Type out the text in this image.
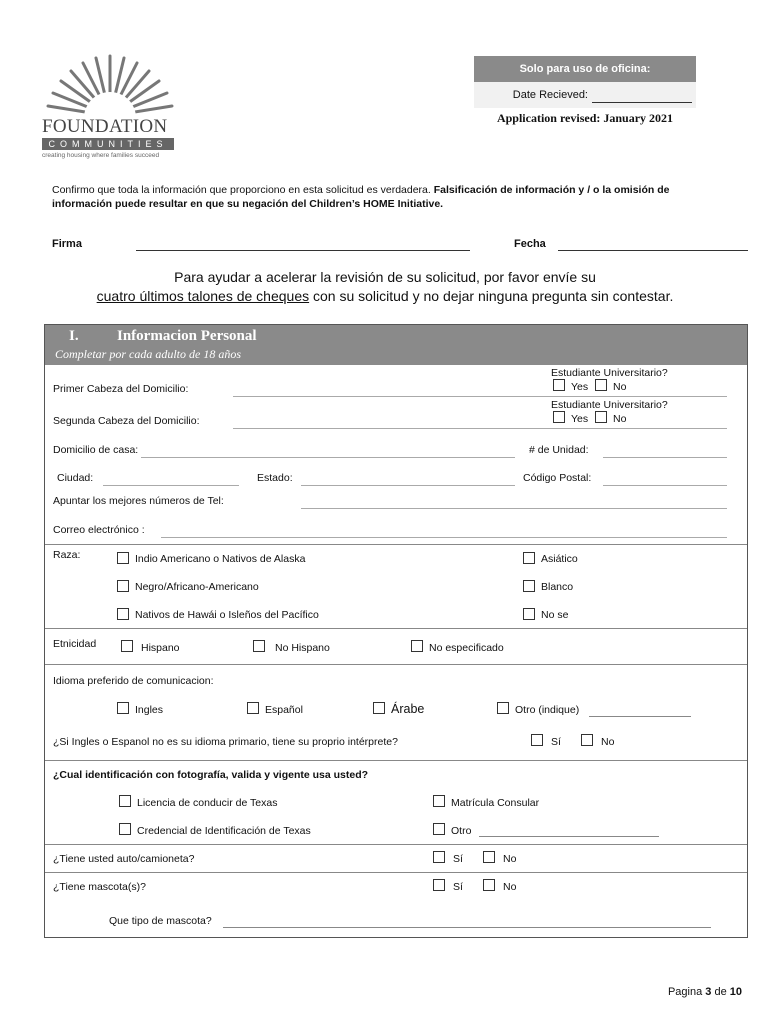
FOUNDATION
COMMUNITIES
creating housing where families succeed
Solo para uso de oficina:
Date Recieved:
Application revised: January 2021
Confirmo que toda la información que proporciono en esta solicitud es verdadera. Falsificación de información y / o la omisión de información puede resultar en que su negación del Children’s HOME Initiative.
Firma	Fecha
Para ayudar a acelerar la revisión de su solicitud, por favor envíe su
cuatro últimos talones de cheques con su solicitud y no dejar ninguna pregunta sin contestar.
I.	Informacion Personal
Completar por cada adulto de 18 años
Estudiante Universitario?
Yes No
Primer Cabeza del Domicilio:
Estudiante Universitario?
Yes No
Segunda Cabeza del Domicilio:
Domicilio de casa:	# de Unidad:
Ciudad:	Estado:	Código Postal:
Apuntar los mejores números de Tel:
Correo electrónico :
Raza:	Indio Americano o Nativos de Alaska	Asiático
Negro/Africano-Americano	Blanco
Nativos de Hawái o Isleños del Pacífico	No se
Etnicidad	Hispano	No Hispano	No especificado
Idioma preferido de comunicacion:
Ingles	Español	Árabe	Otro (indique)
¿Si Ingles o Espanol no es su idioma primario, tiene su proprio intérprete?	Sí	No
¿Cual identificación con fotografía, valida y vigente usa usted?
Licencia de conducir de Texas	Matrícula Consular
Credencial de Identificación de Texas	Otro
¿Tiene usted auto/camioneta?	Sí	No
¿Tiene mascota(s)?	Sí	No
Que tipo de mascota?
Pagina 3 de 10
